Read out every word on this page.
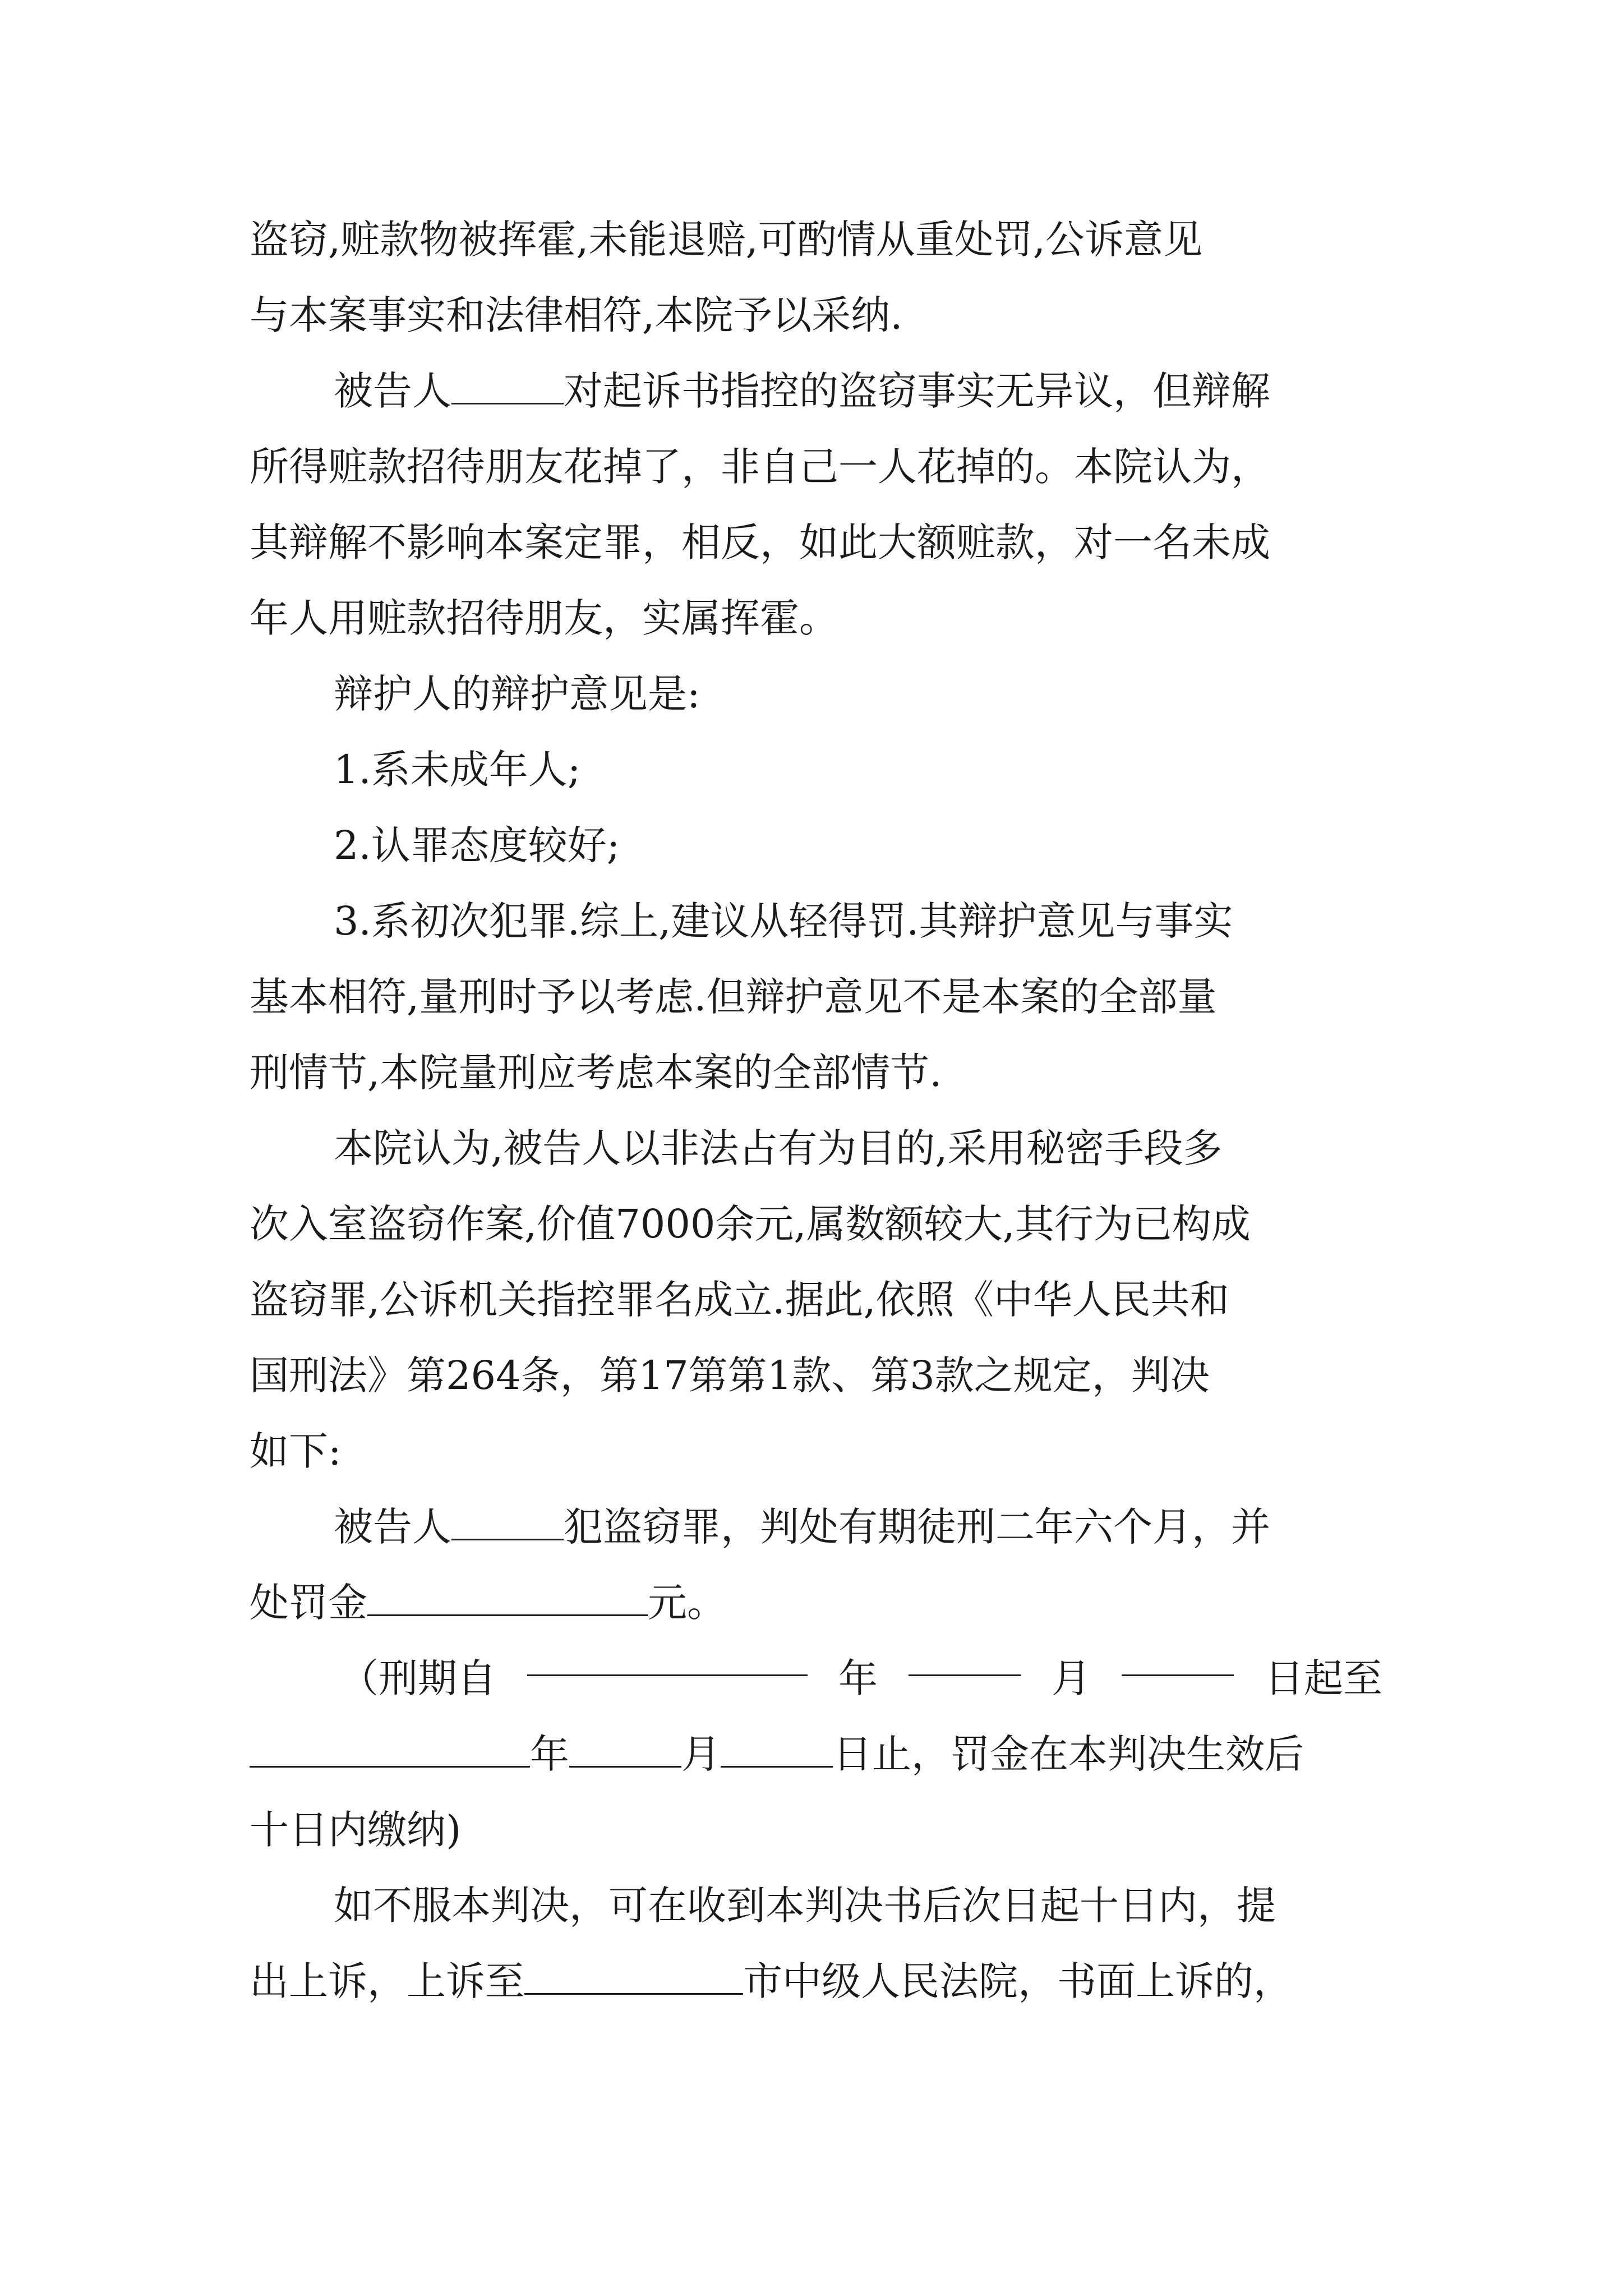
盗窃,赃款物被挥霍,未能退赔,可酌情从重处罚,公诉意见
与本案事实和法律相符,本院予以采纳.
被告人	对起诉书指控的盗窃事实无异议，但辩解
所得赃款招待朋友花掉了，非自己一人花掉的。本院认为，
其辩解不影响本案定罪，相反，如此大额赃款，对一名未成
年人用赃款招待朋友，实属挥霍。
辩护人的辩护意见是:
1.系未成年人;
2.认罪态度较好;
3.系初次犯罪.综上,建议从轻得罚.其辩护意见与事实
基本相符,量刑时予以考虑.但辩护意见不是本案的全部量
刑情节,本院量刑应考虑本案的全部情节.
本院认为,被告人以非法占有为目的,采用秘密手段多
次入室盗窃作案,价值7000余元,属数额较大,其行为已构成
盗窃罪,公诉机关指控罪名成立.据此,依照《中华人民共和
国刑法》第264条，第17第第1款、第3款之规定，判决
如下:
被告人	犯盗窃罪，判处有期徒刑二年六个月，并
处罚金	元。
（刑期自	年	月	日起至
年	月	日止，罚金在本判决生效后
十日内缴纳)
如不服本判决，可在收到本判决书后次日起十日内，提
出上诉，上诉至	市中级人民法院，书面上诉的，
